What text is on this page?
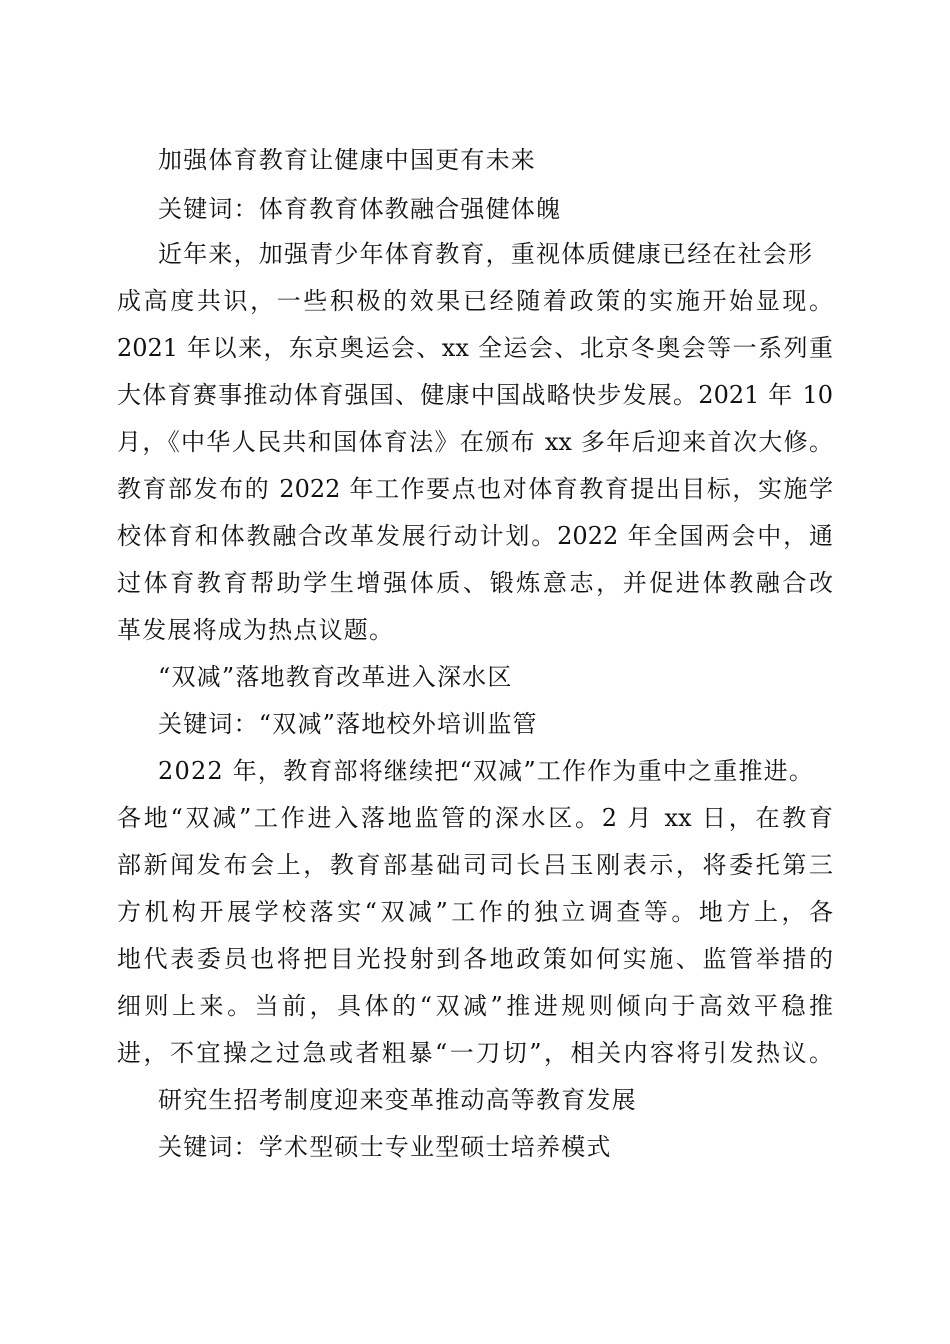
加强体育教育让健康中国更有未来
关键词：体育教育体教融合强健体魄
近年来，加强青少年体育教育，重视体质健康已经在社会形
成高度共识，一些积极的效果已经随着政策的实施开始显现。
2021 年以来，东京奥运会、xx 全运会、北京冬奥会等一系列重
大体育赛事推动体育强国、健康中国战略快步发展。2021 年 10
月，《中华人民共和国体育法》在颁布 xx 多年后迎来首次大修。
教育部发布的 2022 年工作要点也对体育教育提出目标，实施学
校体育和体教融合改革发展行动计划。2022 年全国两会中，通
过体育教育帮助学生增强体质、锻炼意志，并促进体教融合改
革发展将成为热点议题。
“双减”落地教育改革进入深水区
关键词：“双减”落地校外培训监管
2022 年，教育部将继续把“双减”工作作为重中之重推进。
各地“双减”工作进入落地监管的深水区。2 月 xx 日，在教育
部新闻发布会上，教育部基础司司长吕玉刚表示，将委托第三
方机构开展学校落实“双减”工作的独立调查等。地方上，各
地代表委员也将把目光投射到各地政策如何实施、监管举措的
细则上来。当前，具体的“双减”推进规则倾向于高效平稳推
进，不宜操之过急或者粗暴“一刀切”，相关内容将引发热议。
研究生招考制度迎来变革推动高等教育发展
关键词：学术型硕士专业型硕士培养模式
